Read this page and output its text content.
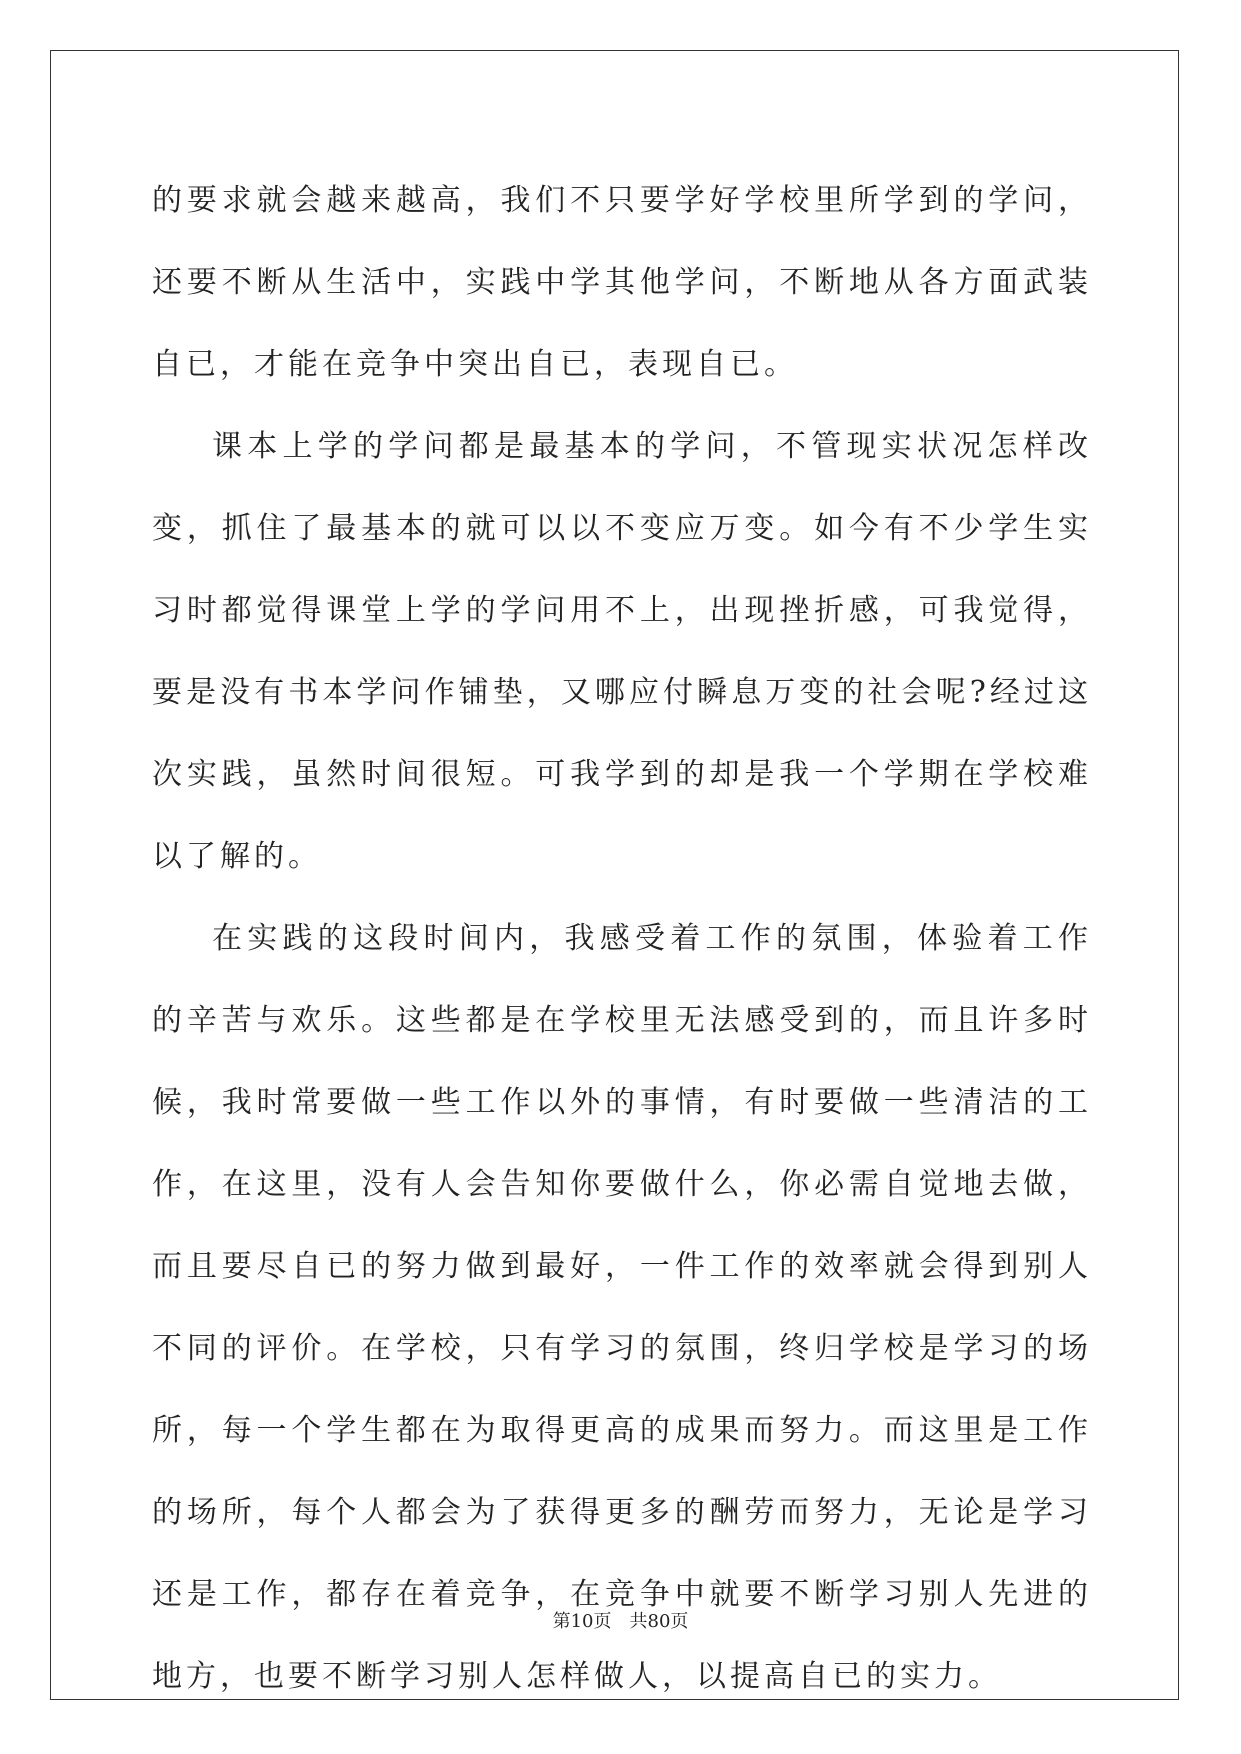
的要求就会越来越高，我们不只要学好学校里所学到的学问，还要不断从生活中，实践中学其他学问，不断地从各方面武装自已，才能在竞争中突出自已，表现自已。

课本上学的学问都是最基本的学问，不管现实状况怎样改变，抓住了最基本的就可以以不变应万变。如今有不少学生实习时都觉得课堂上学的学问用不上，出现挫折感，可我觉得，要是没有书本学问作铺垫，又哪应付瞬息万变的社会呢?经过这次实践，虽然时间很短。可我学到的却是我一个学期在学校难以了解的。

在实践的这段时间内，我感受着工作的氛围，体验着工作的辛苦与欢乐。这些都是在学校里无法感受到的，而且许多时候，我时常要做一些工作以外的事情，有时要做一些清洁的工作，在这里，没有人会告知你要做什么，你必需自觉地去做，而且要尽自已的努力做到最好，一件工作的效率就会得到别人不同的评价。在学校，只有学习的氛围，终归学校是学习的场所，每一个学生都在为取得更高的成果而努力。而这里是工作的场所，每个人都会为了获得更多的酬劳而努力，无论是学习还是工作，都存在着竞争，在竞争中就要不断学习别人先进的地方，也要不断学习别人怎样做人，以提高自已的实力。

第10页　共80页
